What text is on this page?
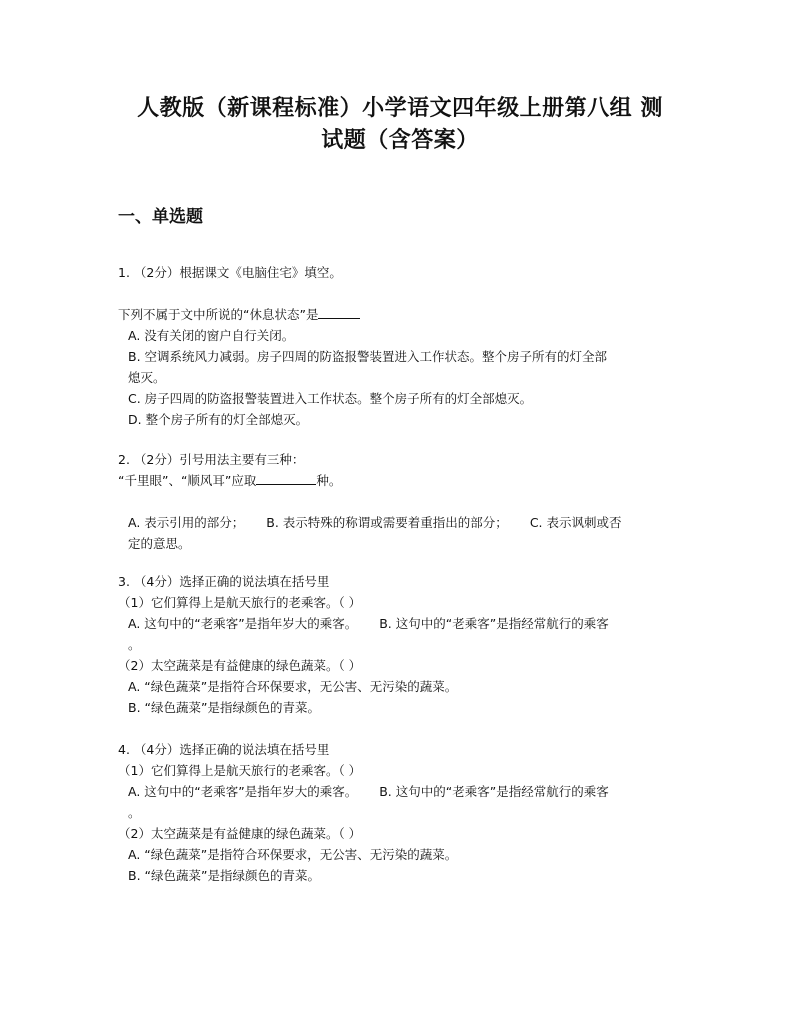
人教版（新课程标准）小学语文四年级上册第八组 测
试题（含答案）
一、单选题
1. （2分）根据课文《电脑住宅》填空。
下列不属于文中所说的“休息状态”是
A. 没有关闭的窗户自行关闭。
B. 空调系统风力减弱。房子四周的防盗报警装置进入工作状态。整个房子所有的灯全部
熄灭。
C. 房子四周的防盗报警装置进入工作状态。整个房子所有的灯全部熄灭。
D. 整个房子所有的灯全部熄灭。
2. （2分）引号用法主要有三种：
“千里眼”、“顺风耳”应取	种。
A. 表示引用的部分； B. 表示特殊的称谓或需要着重指出的部分； C. 表示讽刺或否
定的意思。
3. （4分）选择正确的说法填在括号里
（1）它们算得上是航天旅行的老乘客。（ ）
A. 这句中的“老乘客”是指年岁大的乘客。 B. 这句中的“老乘客”是指经常航行的乘客
。
（2）太空蔬菜是有益健康的绿色蔬菜。（ ）
A. “绿色蔬菜”是指符合环保要求，无公害、无污染的蔬菜。
B. “绿色蔬菜”是指绿颜色的青菜。
4. （4分）选择正确的说法填在括号里
（1）它们算得上是航天旅行的老乘客。（ ）
A. 这句中的“老乘客”是指年岁大的乘客。 B. 这句中的“老乘客”是指经常航行的乘客
。
（2）太空蔬菜是有益健康的绿色蔬菜。（ ）
A. “绿色蔬菜”是指符合环保要求，无公害、无污染的蔬菜。
B. “绿色蔬菜”是指绿颜色的青菜。
